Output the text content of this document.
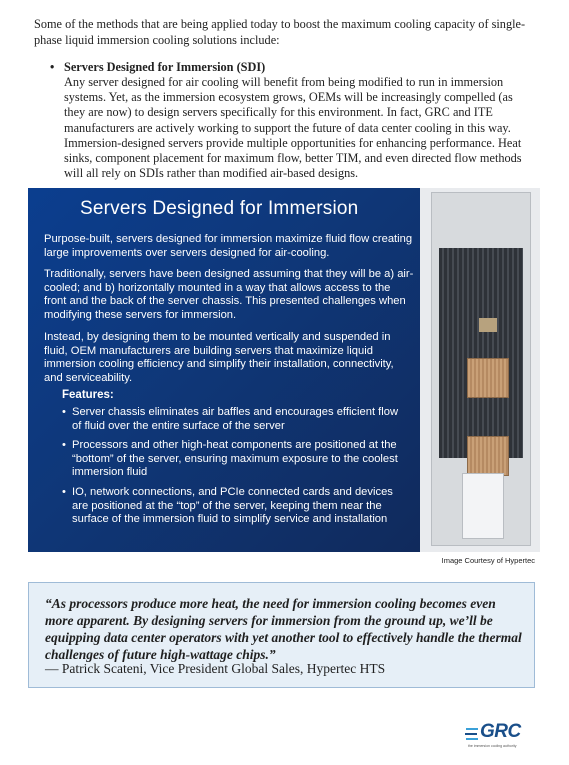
Some of the methods that are being applied today to boost the maximum cooling capacity of single-phase liquid immersion cooling solutions include:

• Servers Designed for Immersion (SDI)

Any server designed for air cooling will benefit from being modified to run in immersion systems. Yet, as the immersion ecosystem grows, OEMs will be increasingly compelled (as they are now) to design servers specifically for this environment. In fact, GRC and ITE manufacturers are actively working to support the future of data center cooling in this way. Immersion-designed servers provide multiple opportunities for enhancing performance. Heat sinks, component placement for maximum flow, better TIM, and even directed flow methods will all rely on SDIs rather than modified air-based designs.

Servers Designed for Immersion

Purpose-built, servers designed for immersion maximize fluid flow creating large improvements over servers designed for air-cooling.

Traditionally, servers have been designed assuming that they will be a) air-cooled; and b) horizontally mounted in a way that allows access to the front and the back of the server chassis. This presented challenges when modifying these servers for immersion.

Instead, by designing them to be mounted vertically and suspended in fluid, OEM manufacturers are building servers that maximize liquid immersion cooling efficiency and simplify their installation, connectivity, and serviceability.

Features:
• Server chassis eliminates air baffles and encourages efficient flow of fluid over the entire surface of the server
• Processors and other high-heat components are positioned at the “bottom” of the server, ensuring maximum exposure to the coolest immersion fluid
• IO, network connections, and PCIe connected cards and devices are positioned at the “top” of the server, keeping them near the surface of the immersion fluid to simplify service and installation
Image Courtesy of Hypertec

“As processors produce more heat, the need for immersion cooling becomes even more apparent. By designing servers for immersion from the ground up, we’ll be equipping data center operators with yet another tool to effectively handle the thermal challenges of future high-wattage chips.”

— Patrick Scateni, Vice President Global Sales, Hypertec HTS

GRC
the immersion cooling authority
